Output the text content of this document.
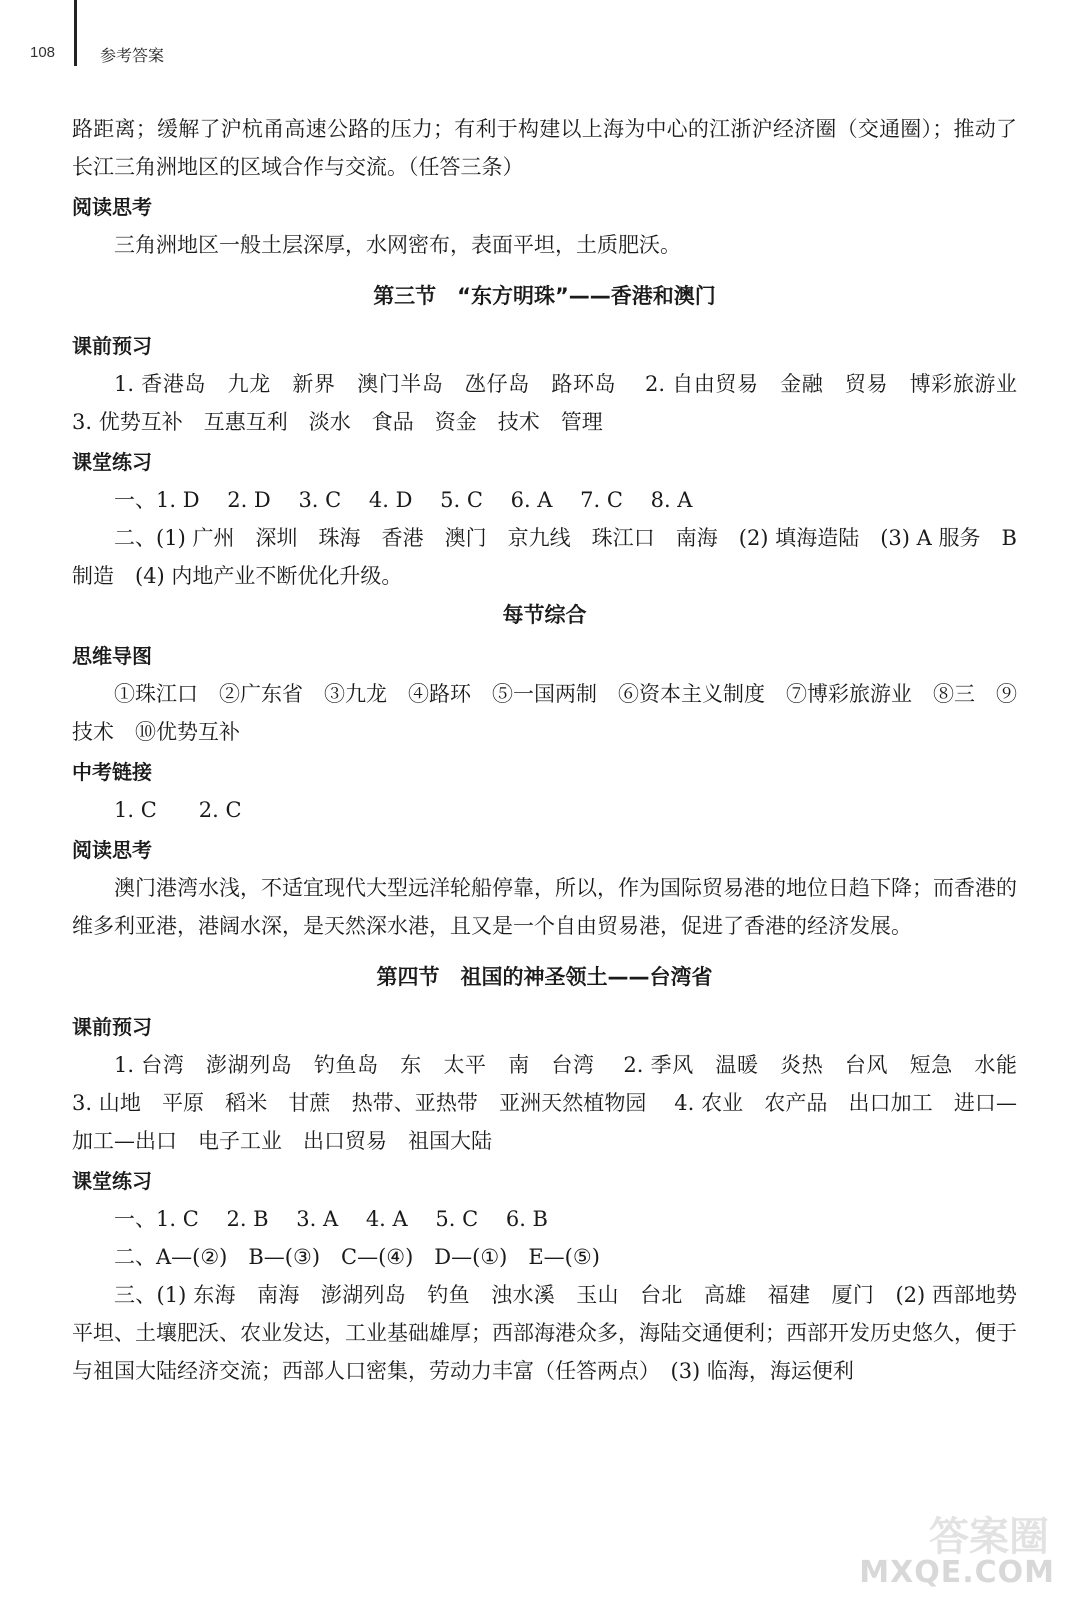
108	参考答案

路距离；缓解了沪杭甬高速公路的压力；有利于构建以上海为中心的江浙沪经济圈（交通圈）；推动了长江三角洲地区的区域合作与交流。（任答三条）

阅读思考

三角洲地区一般土层深厚，水网密布，表面平坦，土质肥沃。

第三节　“东方明珠”——香港和澳门
课前预习

1. 香港岛　九龙　新界　澳门半岛　氹仔岛　路环岛　 2. 自由贸易　金融　贸易　博彩旅游业　3. 优势互补　互惠互利　淡水　食品　资金　技术　管理

课堂练习

一、1. D　 2. D　 3. C　 4. D　 5. C　 6. A　 7. C　 8. A

二、(1) 广州　深圳　珠海　香港　澳门　京九线　珠江口　南海　(2) 填海造陆　(3) A 服务　B 制造　(4) 内地产业不断优化升级。

每节综合
思维导图

①珠江口　②广东省　③九龙　④路环　⑤一国两制　⑥资本主义制度　⑦博彩旅游业　⑧三　⑨技术　⑩优势互补

中考链接

1. C　　2. C

阅读思考

澳门港湾水浅，不适宜现代大型远洋轮船停靠，所以，作为国际贸易港的地位日趋下降；而香港的维多利亚港，港阔水深，是天然深水港，且又是一个自由贸易港，促进了香港的经济发展。

第四节　祖国的神圣领土——台湾省
课前预习

1. 台湾　澎湖列岛　钓鱼岛　东　太平　南　台湾　 2. 季风　温暖　炎热　台风　短急　水能　3. 山地　平原　稻米　甘蔗　热带、亚热带　亚洲天然植物园　 4. 农业　农产品　出口加工　进口—加工—出口　电子工业　出口贸易　祖国大陆

课堂练习

一、1. C　 2. B　 3. A　 4. A　 5. C　 6. B

二、A—(②)　B—(③)　C—(④)　D—(①)　E—(⑤)

三、(1) 东海　南海　澎湖列岛　钓鱼　浊水溪　玉山　台北　高雄　福建　厦门　(2) 西部地势平坦、土壤肥沃、农业发达，工业基础雄厚；西部海港众多，海陆交通便利；西部开发历史悠久，便于与祖国大陆经济交流；西部人口密集，劳动力丰富（任答两点）　(3) 临海，海运便利

答案圈
MXQE.COM
